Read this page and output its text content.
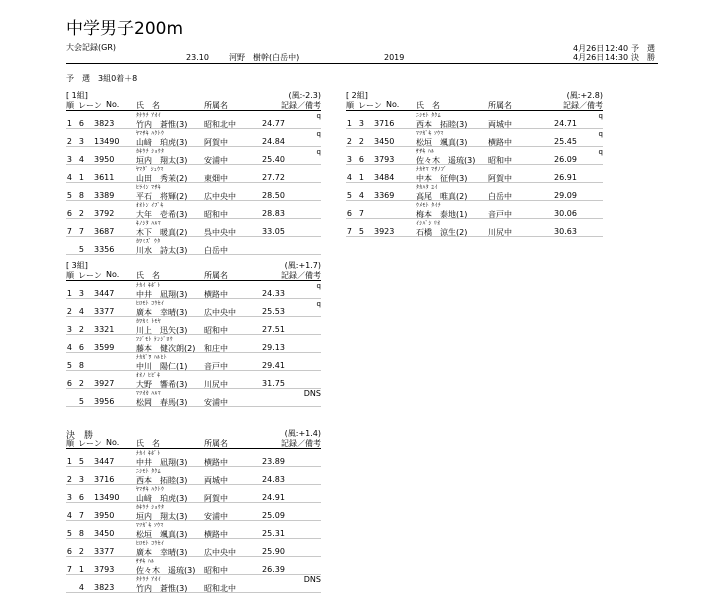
中学男子200m
大会記録(GR)
23.10	河野　樹幹(白岳中)	2019
4月26日 12:40 予　選
4月26日 14:30 決　勝
予　選　3組0着＋8
[ 1組]	(風:-2.3)
順 レーン No. 氏　名	所属名	記録／備考
1 6 3823
ﾀｹｳﾁ ｱｵｲ
竹内　蒼惟(3) 昭和北中	24.77
q
2 3 13490
ﾔﾏｻｷ ﾊｸﾄｳ
山﨑　珀虎(3) 阿賀中	24.84
q
3 4 3950
ｶｷｳﾁ ｼｮｳﾀ
垣内　翔太(3) 安浦中	25.40
q
4 1 3611
ﾔﾏﾀﾞ ｼｭｳﾏ
山田　秀茉(2) 東畑中	27.72
5 8 3389
ﾋﾗｲﾝ ﾏｻｷ
平石　将輝(2) 広中央中	28.50
6 2 3792
ｵｵﾄﾝ ｲﾌﾞｷ
大年　壱希(3) 昭和中	28.83
7 7 3687
ｷﾉｼﾀ ﾊﾙﾏ
木下　暖真(2) 呉中央中	33.05
5 3356
ｶﾜﾐｽﾞ ｳﾀ
川水　詩太(3) 白岳中
[ 2組]	(風:+2.8)
順 レーン No. 氏　名	所属名	記録／備考
1 3 3716
ﾆｼﾓﾄ ﾀｸﾑ
西本　拓睦(3)	両城中	24.71
q
2 2 3450
ﾏﾂｶﾞｷ ｿｳﾏ
松垣　颯真(3)	横路中	25.45
q
3 6 3793
ｻｻｷ ﾊﾙ
佐々木　遥琉(3) 昭和中	26.09
q
4 1 3484
ﾅｶﾔﾏ ﾏｻﾉﾌﾞ
中本　征伸(3)	阿賀中	26.91
5 4 3369
ﾀｶﾊﾀ ﾕｲ
高尾　唯真(2)	白岳中	29.09
6 7
ｳﾒﾓﾄ ﾀｲﾁ
梅本　泰地(1)	音戸中	30.06
7 5 3923
ｲｼﾊﾞｼ ﾘｵ
石橋　涼生(2)	川尻中	30.63
[ 3組]	(風:+1.7)
順 レーン No. 氏　名	所属名	記録／備考
1 3 3447
ﾅｶｲ ｷﾎﾞﾄ
中井　凪翔(3) 横路中	24.33
q
2 4 3377
ﾋﾛﾓﾄ ｺｳｾｲ
廣本　幸晴(3) 広中央中	25.53
q
3 2 3321
ｶﾜｶﾐ ﾄﾓﾔ
川上　迅矢(3) 昭和中	27.51
4 6 3599
ﾌｼﾞﾓﾄ ｹﾝｼﾞﾛｳ
藤本　健次朗(2) 和庄中	29.13
5 8
ﾅｶｶﾞﾜ ﾊﾙﾋﾄ
中川　陽仁(1) 音戸中	29.41
6 2 3927
ｵｵﾉ ﾋﾋﾞｷ
大野　響希(3) 川尻中	31.75
5 3956
ﾏﾂｵｶ ﾊﾙﾏ
松岡　春馬(3) 安浦中
DNS
決　勝	(風:+1.4)
順 レーン No. 氏　名	所属名	記録／備考
1 5 3447
ﾅｶｲ ｷﾎﾞﾄ
中井　凪翔(3) 横路中	23.89
2 3 3716
ﾆｼﾓﾄ ﾀｸﾑ
西本　拓睦(3) 両城中	24.83
3 6 13490
ﾔﾏｻｷ ﾊｸﾄｳ
山﨑　珀虎(3) 阿賀中	24.91
4 7 3950
ｶｷｳﾁ ｼｮｳﾀ
垣内　翔太(3) 安浦中	25.09
5 8 3450
ﾏﾂｶﾞｷ ｿｳﾏ
松垣　颯真(3) 横路中	25.31
6 2 3377
ﾋﾛﾓﾄ ｺｳｾｲ
廣本　幸晴(3) 広中央中	25.90
7 1 3793
ｻｻｷ ﾊﾙ
佐々木　遥琉(3) 昭和中	26.39
4 3823
ﾀｹｳﾁ ｱｵｲ
竹内　蒼惟(3) 昭和北中
DNS
